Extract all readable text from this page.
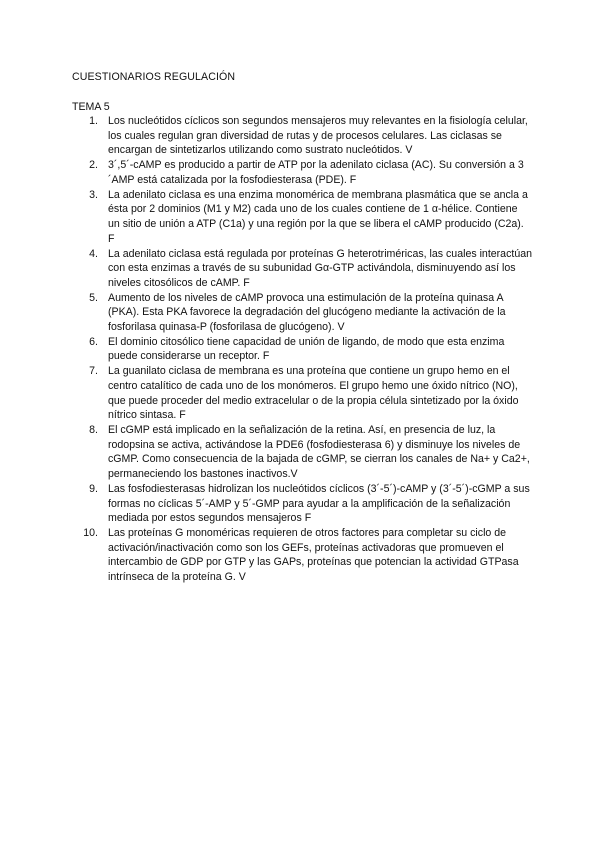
CUESTIONARIOS REGULACIÓN
TEMA 5
1. Los nucleótidos cíclicos son segundos mensajeros muy relevantes en la fisiología celular, los cuales regulan gran diversidad de rutas y de procesos celulares. Las ciclasas se encargan de sintetizarlos utilizando como sustrato nucleótidos. V
2. 3´,5´-cAMP es producido a partir de ATP por la adenilato ciclasa (AC). Su conversión a 3´AMP está catalizada por la fosfodiesterasa (PDE). F
3. La adenilato ciclasa es una enzima monomérica de membrana plasmática que se ancla a ésta por 2 dominios (M1 y M2) cada uno de los cuales contiene de 1 α-hélice. Contiene un sitio de unión a ATP (C1a) y una región por la que se libera el cAMP producido (C2a). F
4. La adenilato ciclasa está regulada por proteínas G heterotriméricas, las cuales interactúan con esta enzimas a través de su subunidad Gα-GTP activándola, disminuyendo así los niveles citosólicos de cAMP. F
5. Aumento de los niveles de cAMP provoca una estimulación de la proteína quinasa A (PKA). Esta PKA favorece la degradación del glucógeno mediante la activación de la fosforilasa quinasa-P (fosforilasa de glucógeno). V
6. El dominio citosólico tiene capacidad de unión de ligando, de modo que esta enzima puede considerarse un receptor. F
7. La guanilato ciclasa de membrana es una proteína que contiene un grupo hemo en el centro catalítico de cada uno de los monómeros. El grupo hemo une óxido nítrico (NO), que puede proceder del medio extracelular o de la propia célula sintetizado por la óxido nítrico sintasa. F
8. El cGMP está implicado en la señalización de la retina. Así, en presencia de luz, la rodopsina se activa, activándose la PDE6 (fosfodiesterasa 6) y disminuye los niveles de cGMP. Como consecuencia de la bajada de cGMP, se cierran los canales de Na+ y Ca2+, permaneciendo los bastones inactivos.V
9. Las fosfodiesterasas hidrolizan los nucleótidos cíclicos (3´-5´)-cAMP y (3´-5´)-cGMP a sus formas no cíclicas 5´-AMP y 5´-GMP para ayudar a la amplificación de la señalización mediada por estos segundos mensajeros F
10. Las proteínas G monoméricas requieren de otros factores para completar su ciclo de activación/inactivación como son los GEFs, proteínas activadoras que promueven el intercambio de GDP por GTP y las GAPs, proteínas que potencian la actividad GTPasa intrínseca de la proteína G. V
